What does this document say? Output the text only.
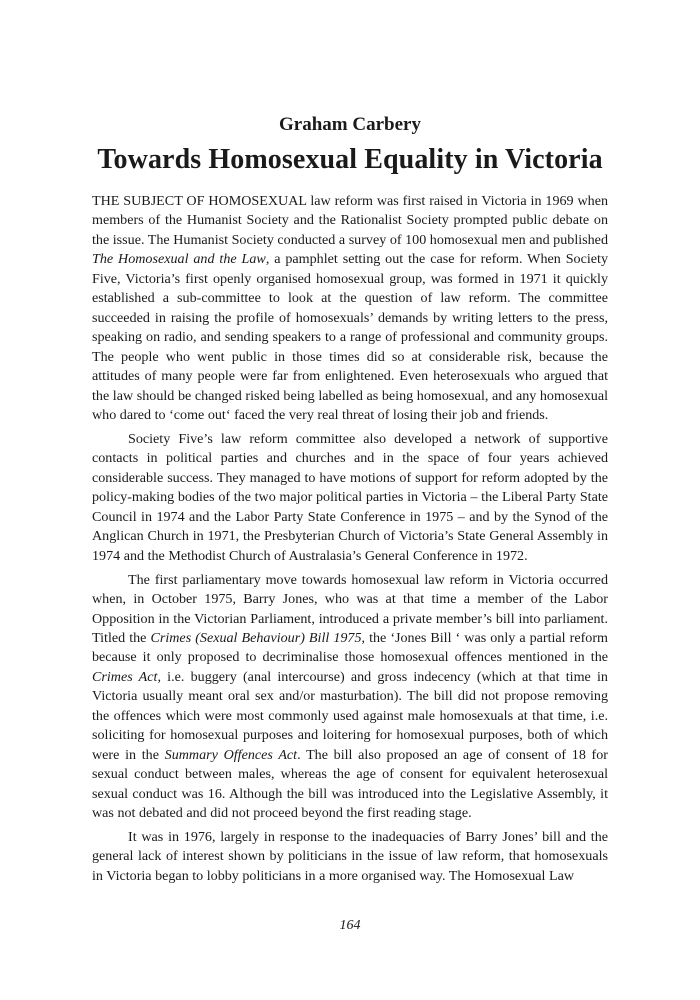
Graham Carbery
Towards Homosexual Equality in Victoria

THE SUBJECT OF HOMOSEXUAL law reform was first raised in Victoria in 1969 when members of the Humanist Society and the Rationalist Society prompted public debate on the issue. The Humanist Society conducted a survey of 100 homosexual men and published The Homosexual and the Law, a pamphlet setting out the case for reform. When Society Five, Victoria’s first openly organised homosexual group, was formed in 1971 it quickly established a sub-committee to look at the question of law reform. The committee succeeded in raising the profile of homosexuals’ demands by writing letters to the press, speaking on radio, and sending speakers to a range of professional and community groups. The people who went public in those times did so at considerable risk, because the attitudes of many people were far from enlightened. Even heterosexuals who argued that the law should be changed risked being labelled as being homosexual, and any homosexual who dared to ‘come out‘ faced the very real threat of losing their job and friends.

Society Five’s law reform committee also developed a network of supportive contacts in political parties and churches and in the space of four years achieved considerable success. They managed to have motions of support for reform adopted by the policy-making bodies of the two major political parties in Victoria – the Liberal Party State Council in 1974 and the Labor Party State Conference in 1975 – and by the Synod of the Anglican Church in 1971, the Presbyterian Church of Victoria’s State General Assembly in 1974 and the Methodist Church of Australasia’s General Conference in 1972.

The first parliamentary move towards homosexual law reform in Victoria occurred when, in October 1975, Barry Jones, who was at that time a member of the Labor Opposition in the Victorian Parliament, introduced a private member’s bill into parliament. Titled the Crimes (Sexual Behaviour) Bill 1975, the ‘Jones Bill ‘ was only a partial reform because it only proposed to decriminalise those homosexual offences mentioned in the Crimes Act, i.e. buggery (anal intercourse) and gross indecency (which at that time in Victoria usually meant oral sex and/or masturbation). The bill did not propose removing the offences which were most commonly used against male homosexuals at that time, i.e. soliciting for homosexual purposes and loitering for homosexual purposes, both of which were in the Summary Offences Act. The bill also proposed an age of consent of 18 for sexual conduct between males, whereas the age of consent for equivalent heterosexual sexual conduct was 16. Although the bill was introduced into the Legislative Assembly, it was not debated and did not proceed beyond the first reading stage.

It was in 1976, largely in response to the inadequacies of Barry Jones’ bill and the general lack of interest shown by politicians in the issue of law reform, that homosexuals in Victoria began to lobby politicians in a more organised way. The Homosexual Law

164
